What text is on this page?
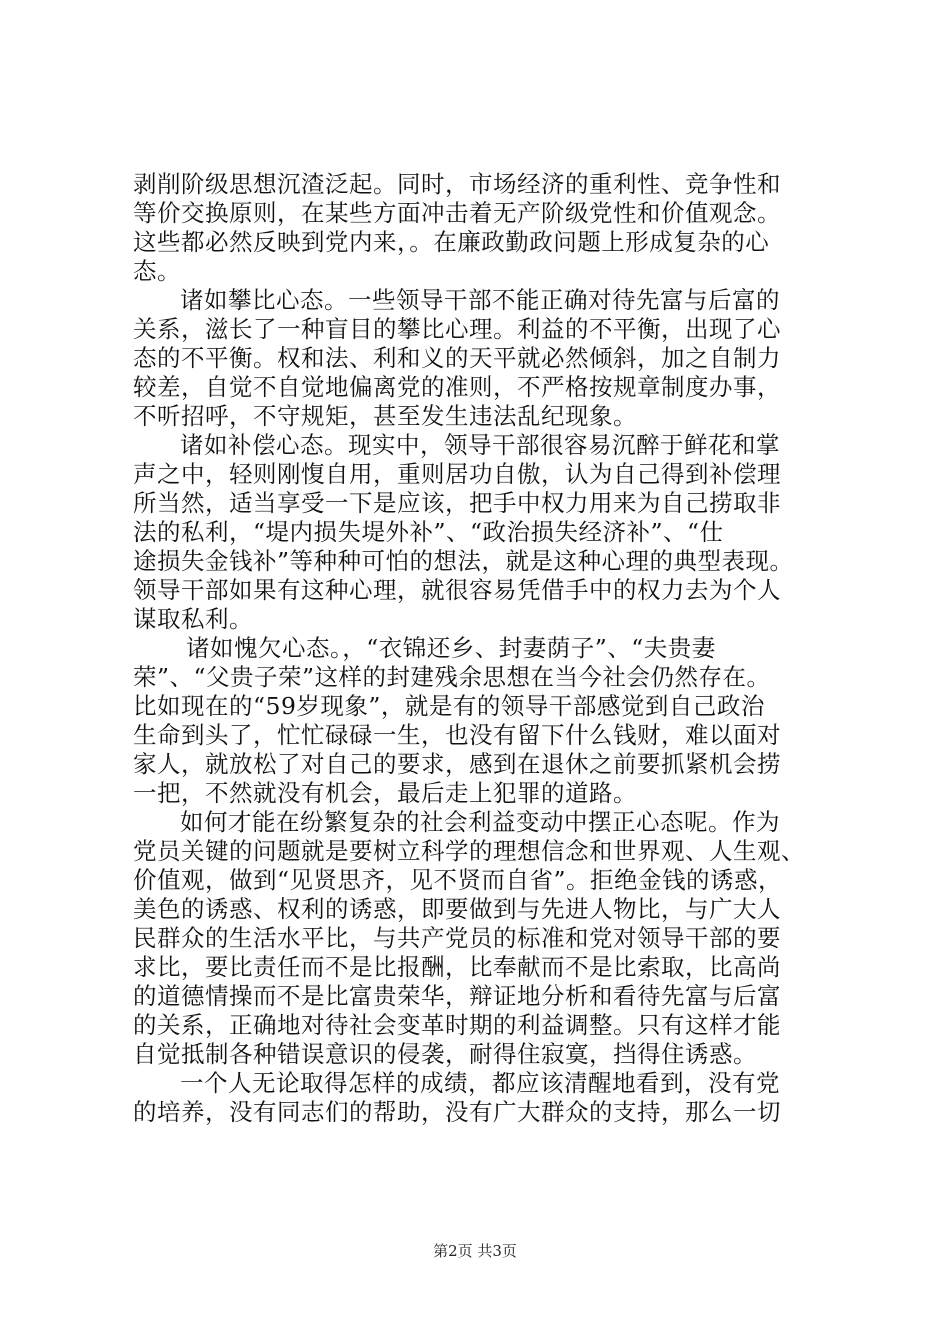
剥削阶级思想沉渣泛起。同时，市场经济的重利性、竞争性和
等价交换原则，在某些方面冲击着无产阶级党性和价值观念。
这些都必然反映到党内来，。在廉政勤政问题上形成复杂的心
态。
诸如攀比心态。一些领导干部不能正确对待先富与后富的
关系，滋长了一种盲目的攀比心理。利益的不平衡，出现了心
态的不平衡。权和法、利和义的天平就必然倾斜，加之自制力
较差，自觉不自觉地偏离党的准则，不严格按规章制度办事，
不听招呼，不守规矩，甚至发生违法乱纪现象。
诸如补偿心态。现实中，领导干部很容易沉醉于鲜花和掌
声之中，轻则刚愎自用，重则居功自傲，认为自己得到补偿理
所当然，适当享受一下是应该，把手中权力用来为自己捞取非
法的私利，“堤内损失堤外补”、“政治损失经济补”、“仕
途损失金钱补”等种种可怕的想法，就是这种心理的典型表现。
领导干部如果有这种心理，就很容易凭借手中的权力去为个人
谋取私利。
诸如愧欠心态。，“衣锦还乡、封妻荫子”、“夫贵妻
荣”、“父贵子荣”这样的封建残余思想在当今社会仍然存在。
比如现在的“59岁现象”，就是有的领导干部感觉到自己政治
生命到头了，忙忙碌碌一生，也没有留下什么钱财，难以面对
家人，就放松了对自己的要求，感到在退休之前要抓紧机会捞
一把，不然就没有机会，最后走上犯罪的道路。
如何才能在纷繁复杂的社会利益变动中摆正心态呢。作为
党员关键的问题就是要树立科学的理想信念和世界观、人生观、
价值观，做到“见贤思齐，见不贤而自省”。拒绝金钱的诱惑，
美色的诱惑、权利的诱惑，即要做到与先进人物比，与广大人
民群众的生活水平比，与共产党员的标准和党对领导干部的要
求比，要比责任而不是比报酬，比奉献而不是比索取，比高尚
的道德情操而不是比富贵荣华，辩证地分析和看待先富与后富
的关系，正确地对待社会变革时期的利益调整。只有这样才能
自觉抵制各种错误意识的侵袭，耐得住寂寞，挡得住诱惑。
一个人无论取得怎样的成绩，都应该清醒地看到，没有党
的培养，没有同志们的帮助，没有广大群众的支持，那么一切
第2页 共3页
